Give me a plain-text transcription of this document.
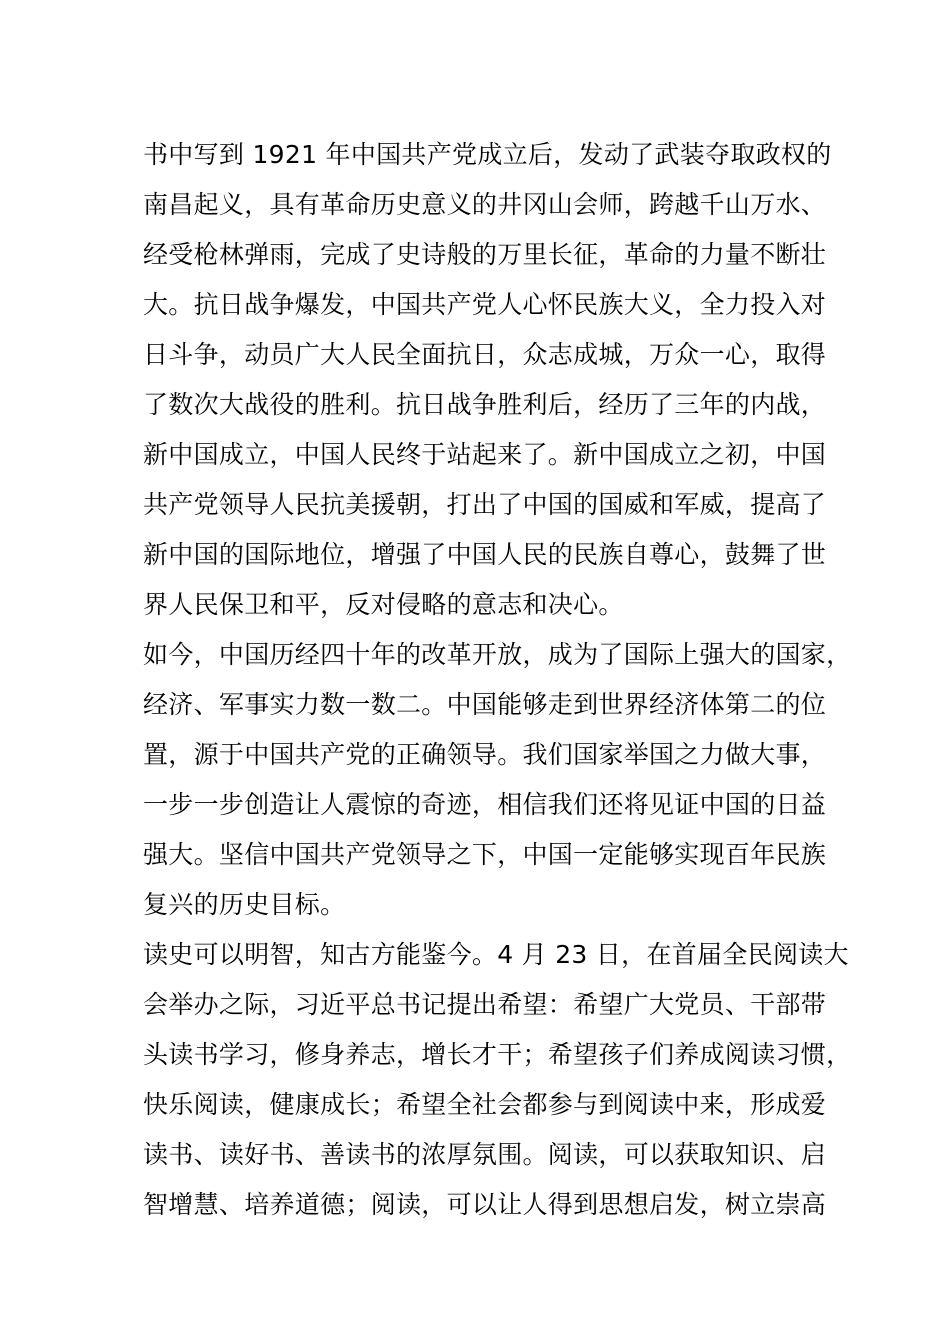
书中写到 1921 年中国共产党成立后，发动了武装夺取政权的
南昌起义，具有革命历史意义的井冈山会师，跨越千山万水、
经受枪林弹雨，完成了史诗般的万里长征，革命的力量不断壮
大。抗日战争爆发，中国共产党人心怀民族大义，全力投入对
日斗争，动员广大人民全面抗日，众志成城，万众一心，取得
了数次大战役的胜利。抗日战争胜利后，经历了三年的内战，
新中国成立，中国人民终于站起来了。新中国成立之初，中国
共产党领导人民抗美援朝，打出了中国的国威和军威，提高了
新中国的国际地位，增强了中国人民的民族自尊心，鼓舞了世
界人民保卫和平，反对侵略的意志和决心。
如今，中国历经四十年的改革开放，成为了国际上强大的国家，
经济、军事实力数一数二。中国能够走到世界经济体第二的位
置，源于中国共产党的正确领导。我们国家举国之力做大事，
一步一步创造让人震惊的奇迹，相信我们还将见证中国的日益
强大。坚信中国共产党领导之下，中国一定能够实现百年民族
复兴的历史目标。
读史可以明智，知古方能鉴今。4 月 23 日，在首届全民阅读大
会举办之际，习近平总书记提出希望：希望广大党员、干部带
头读书学习，修身养志，增长才干；希望孩子们养成阅读习惯，
快乐阅读，健康成长；希望全社会都参与到阅读中来，形成爱
读书、读好书、善读书的浓厚氛围。阅读，可以获取知识、启
智增慧、培养道德；阅读，可以让人得到思想启发，树立崇高
